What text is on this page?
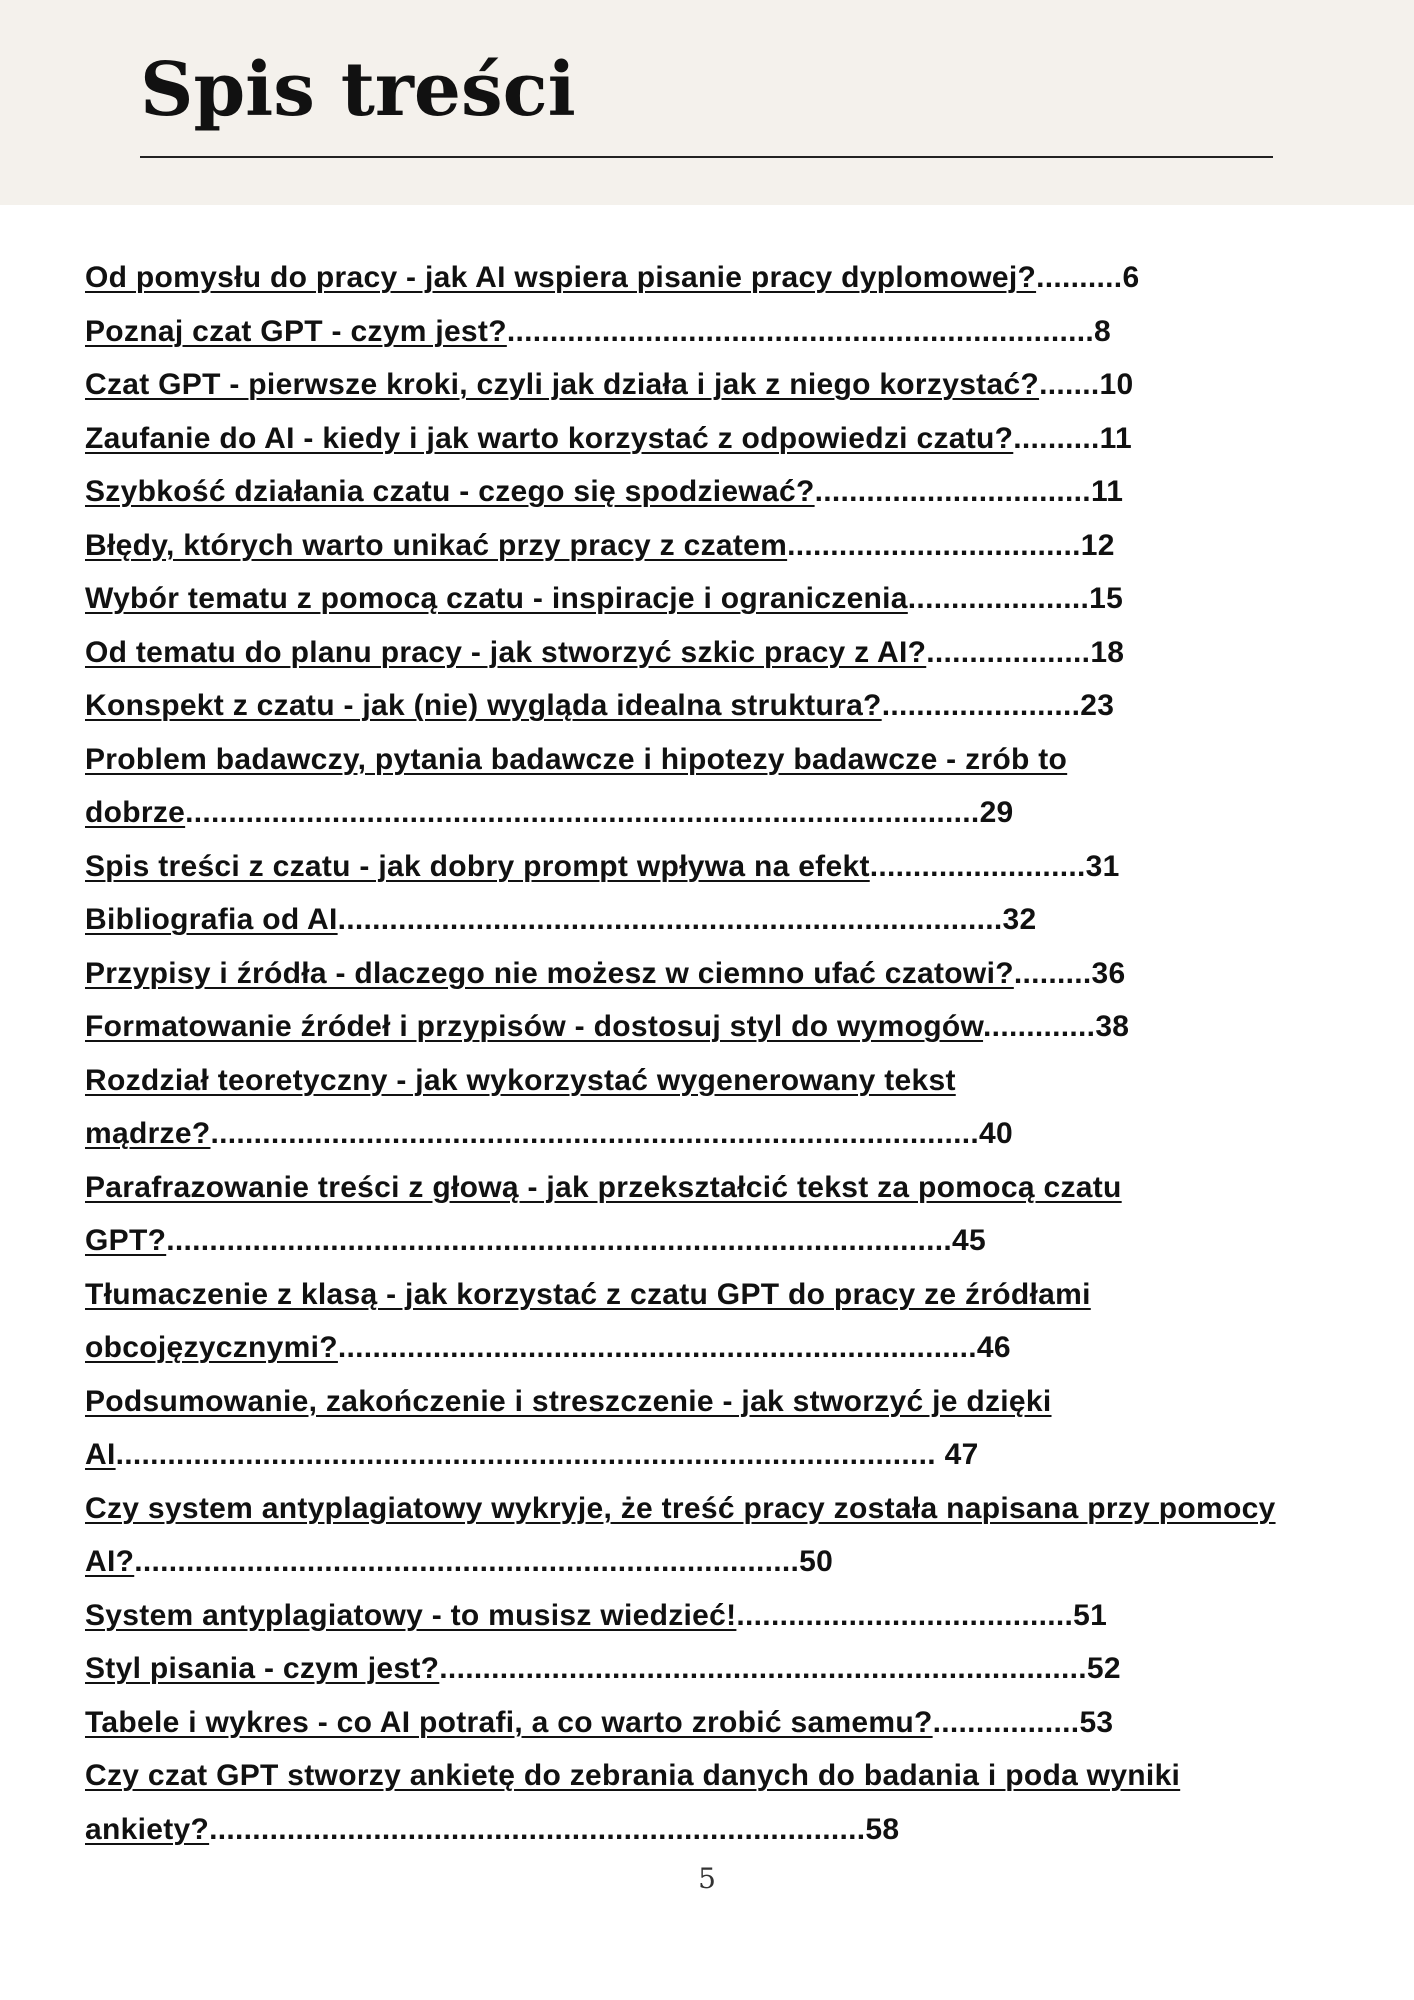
Spis treści
Od pomysłu do pracy - jak AI wspiera pisanie pracy dyplomowej?..........6
Poznaj czat GPT - czym jest?....................................................................8
Czat GPT - pierwsze kroki, czyli jak działa i jak z niego korzystać?.......10
Zaufanie do AI - kiedy i jak warto korzystać z odpowiedzi czatu?..........11
Szybkość działania czatu - czego się spodziewać?................................11
Błędy, których warto unikać przy pracy z czatem..................................12
Wybór tematu z pomocą czatu - inspiracje i ograniczenia.....................15
Od tematu do planu pracy - jak stworzyć szkic pracy z AI?...................18
Konspekt z czatu - jak (nie) wygląda idealna struktura?.......................23
Problem badawczy, pytania badawcze i hipotezy badawcze - zrób to dobrze............................................................................................29
Spis treści z czatu - jak dobry prompt wpływa na efekt.........................31
Bibliografia od AI.............................................................................32
Przypisy i źródła - dlaczego nie możesz w ciemno ufać czatowi?.........36
Formatowanie źródeł i przypisów - dostosuj styl do wymogów.............38
Rozdział teoretyczny - jak wykorzystać wygenerowany tekst mądrze?.........................................................................................40
Parafrazowanie treści z głową - jak przekształcić tekst za pomocą czatu GPT?...........................................................................................45
Tłumaczenie z klasą - jak korzystać z czatu GPT do pracy ze źródłami obcojęzycznymi?..........................................................................46
Podsumowanie, zakończenie i streszczenie - jak stworzyć je dzięki AI............................................................................................... 47
Czy system antyplagiatowy wykryje, że treść pracy została napisana przy pomocy AI?.............................................................................50
System antyplagiatowy - to musisz wiedzieć!.......................................51
Styl pisania - czym jest?...........................................................................52
Tabele i wykres - co AI potrafi, a co warto zrobić samemu?.................53
Czy czat GPT stworzy ankietę do zebrania danych do badania i poda wyniki ankiety?............................................................................58
5
